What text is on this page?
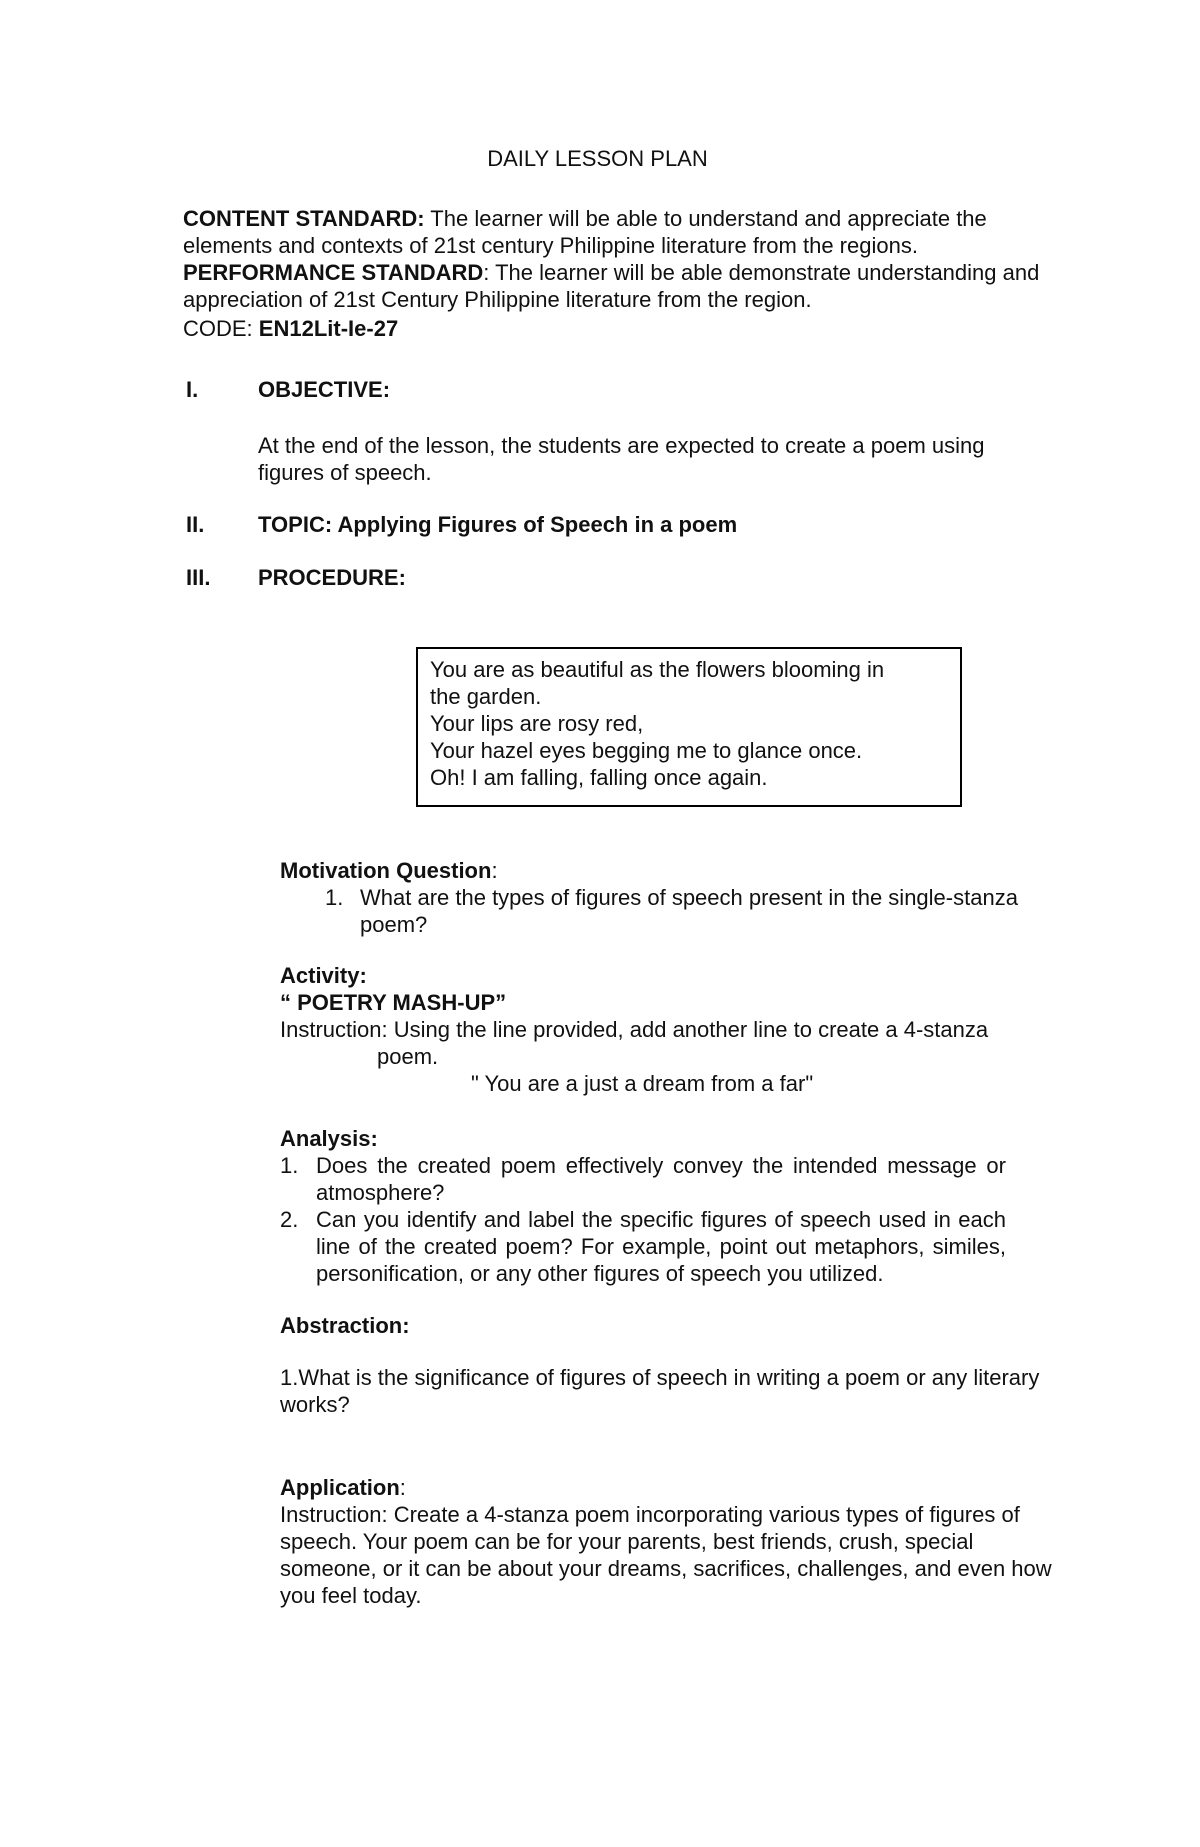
DAILY LESSON PLAN

CONTENT STANDARD: The learner will be able to understand and appreciate the elements and contexts of 21st century Philippine literature from the regions.

PERFORMANCE STANDARD: The learner will be able demonstrate understanding and appreciation of 21st Century Philippine literature from the region.

CODE: EN12Lit-Ie-27

I.	OBJECTIVE:
At the end of the lesson, the students are expected to create a poem using figures of speech.
II.	TOPIC: Applying Figures of Speech in a poem
III.	PROCEDURE:
You are as beautiful as the flowers blooming in
the garden.
Your lips are rosy red,
Your hazel eyes begging me to glance once.
Oh! I am falling, falling once again.
Motivation Question:
1. What are the types of figures of speech present in the single-stanza poem?
Activity:
“ POETRY MASH-UP”
Instruction: Using the line provided, add another line to create a 4-stanza
poem.
" You are a just a dream from a far"
Analysis:
1. Does the created poem effectively convey the intended message or atmosphere?
2. Can you identify and label the specific figures of speech used in each line of the created poem? For example, point out metaphors, similes, personification, or any other figures of speech you utilized.
Abstraction:
1.What is the significance of figures of speech in writing a poem or any literary works?
Application:
Instruction: Create a 4-stanza poem incorporating various types of figures of speech. Your poem can be for your parents, best friends, crush, special someone, or it can be about your dreams, sacrifices, challenges, and even how you feel today.
